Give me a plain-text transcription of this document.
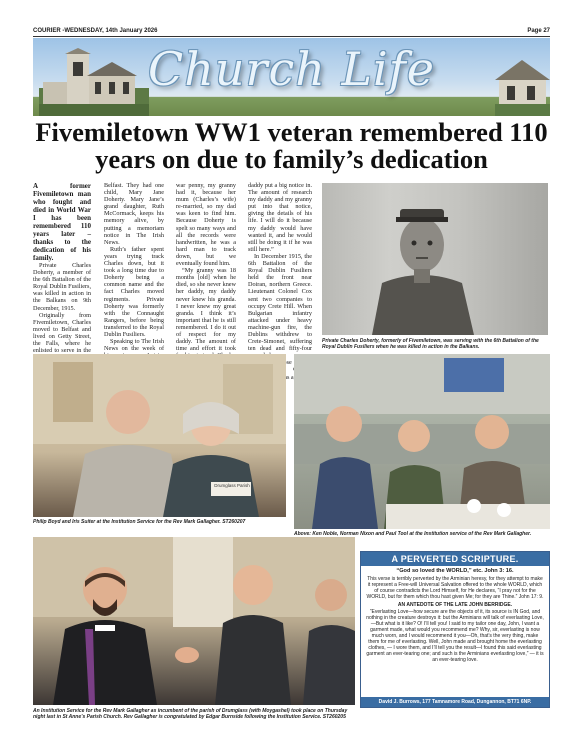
COURIER -WEDNESDAY, 14th January 2026	Page 27
Church Life
Fivemiletown WW1 veteran remembered 110 years on due to family’s dedication

A former Fivemiletown man who fought and died in World War I has been remembered 110 years later – thanks to the dedication of his family.

Private Charles Doherty, a member of the 6th Battalion of the Royal Dublin Fusiliers, was killed in action in the Balkans on 9th December, 1915.

Originally from Fivemiletown, Charles moved to Belfast and lived on Getty Street, the Falls, where he enlisted to serve in the

Belfast. They had one child, Mary Jane Doherty. Mary Jane’s grand daughter, Ruth McCormack, keeps his memory alive, by putting a memoriam notice in The Irish News.

Ruth’s father spent years trying track Charles down, but it took a long time due to Doherty being a common name and the fact Charles moved regiments. Private Doherty was formerly with the Connaught Rangers, before being transferred to the Royal Dublin Fusiliers.

Speaking to The Irish News on the week of

war penny, my granny had it, because her mum (Charles’s wife) re-married, so my dad was keen to find him. Because Doherty is spelt so many ways and all the records were handwritten, he was a hard man to track down, but we eventually found him.

“My granny was 18 months [old] when he died, so she never knew her daddy, my daddy never knew his granda. I never knew my great granda. I think it’s important that he is still remembered. I do it out of respect for my daddy. The amount of time and effort it took

daddy put a big notice in. The amount of research my daddy and my granny put into that notice, giving the details of his life. I will do it because my daddy would have wanted it, and he would still be doing it if he was still here.”

In December 1915, the 6th Battalion of the Royal Dublin Fusiliers held the front near Doiran, northern Greece. Lieutenant Colonel Cox sent two companies to occupy Crete Hill. When Bulgarian infantry attacked under heavy machine-gun fire, the Dublins withdrew to Crete-Simonet, suffering ten dead and fifty-four

Private Charles Doherty, formerly of Fivemiletown, was serving with the 6th Battalion of the Royal Dublin Fusiliers when he was killed in action in the Balkans.
Drumglass Parish
Philip Boyd and Iris Suiter at the Institution Service for the Rev Mark Gallagher. ST260207
Above: Ken Noble, Norman Nixon and Paul Tool at the Institution service of the Rev Mark Gallagher.
An Institution Service for the Rev Mark Gallagher as incumbent of the parish of Drumglass (with Moygashel) took place on Thursday night last in St Anne’s Parish Church. Rev Gallagher is congratulated by Edgar Burnside following the Institution Service. ST260205
A PERVERTED SCRIPTURE.
“God so loved the WORLD,” etc. John 3: 16.
This verse is terribly perverted by the Arminian heresy, for they attempt to make it represent a Free-will Universal Salvation offered to the whole WORLD, which of course contradicts the Lord Himself, for He declares, “I pray not for the WORLD, but for them which thou hast given Me; for they are Thine.” John 17: 9.
AN ANTEDOTE OF THE LATE JOHN BERRIDGE.
“Everlasting Love—how secure are the objects of it, its source is IN God, and nothing in the creature destroys it: but the Arminians will talk of everlasting Love,—But what is it like? O! I’ll tell you! I said to my tailor one day, John, I want a garment made, what would you recommend me? Why, sir, everlasting is now much worn, and I would recommend it you—Oh, that’s the very thing, make them for me of everlasting. Well, John made and brought home the everlasting clothes, — I wore them, and I’ll tell you the result—I found this said everlasting garment an ever-tearing one; and such is the Arminians everlasting love,” — it is an ever-tearing love.
David J. Burrows, 177 Tamnamore Road, Dungannon, BT71 6NP.
